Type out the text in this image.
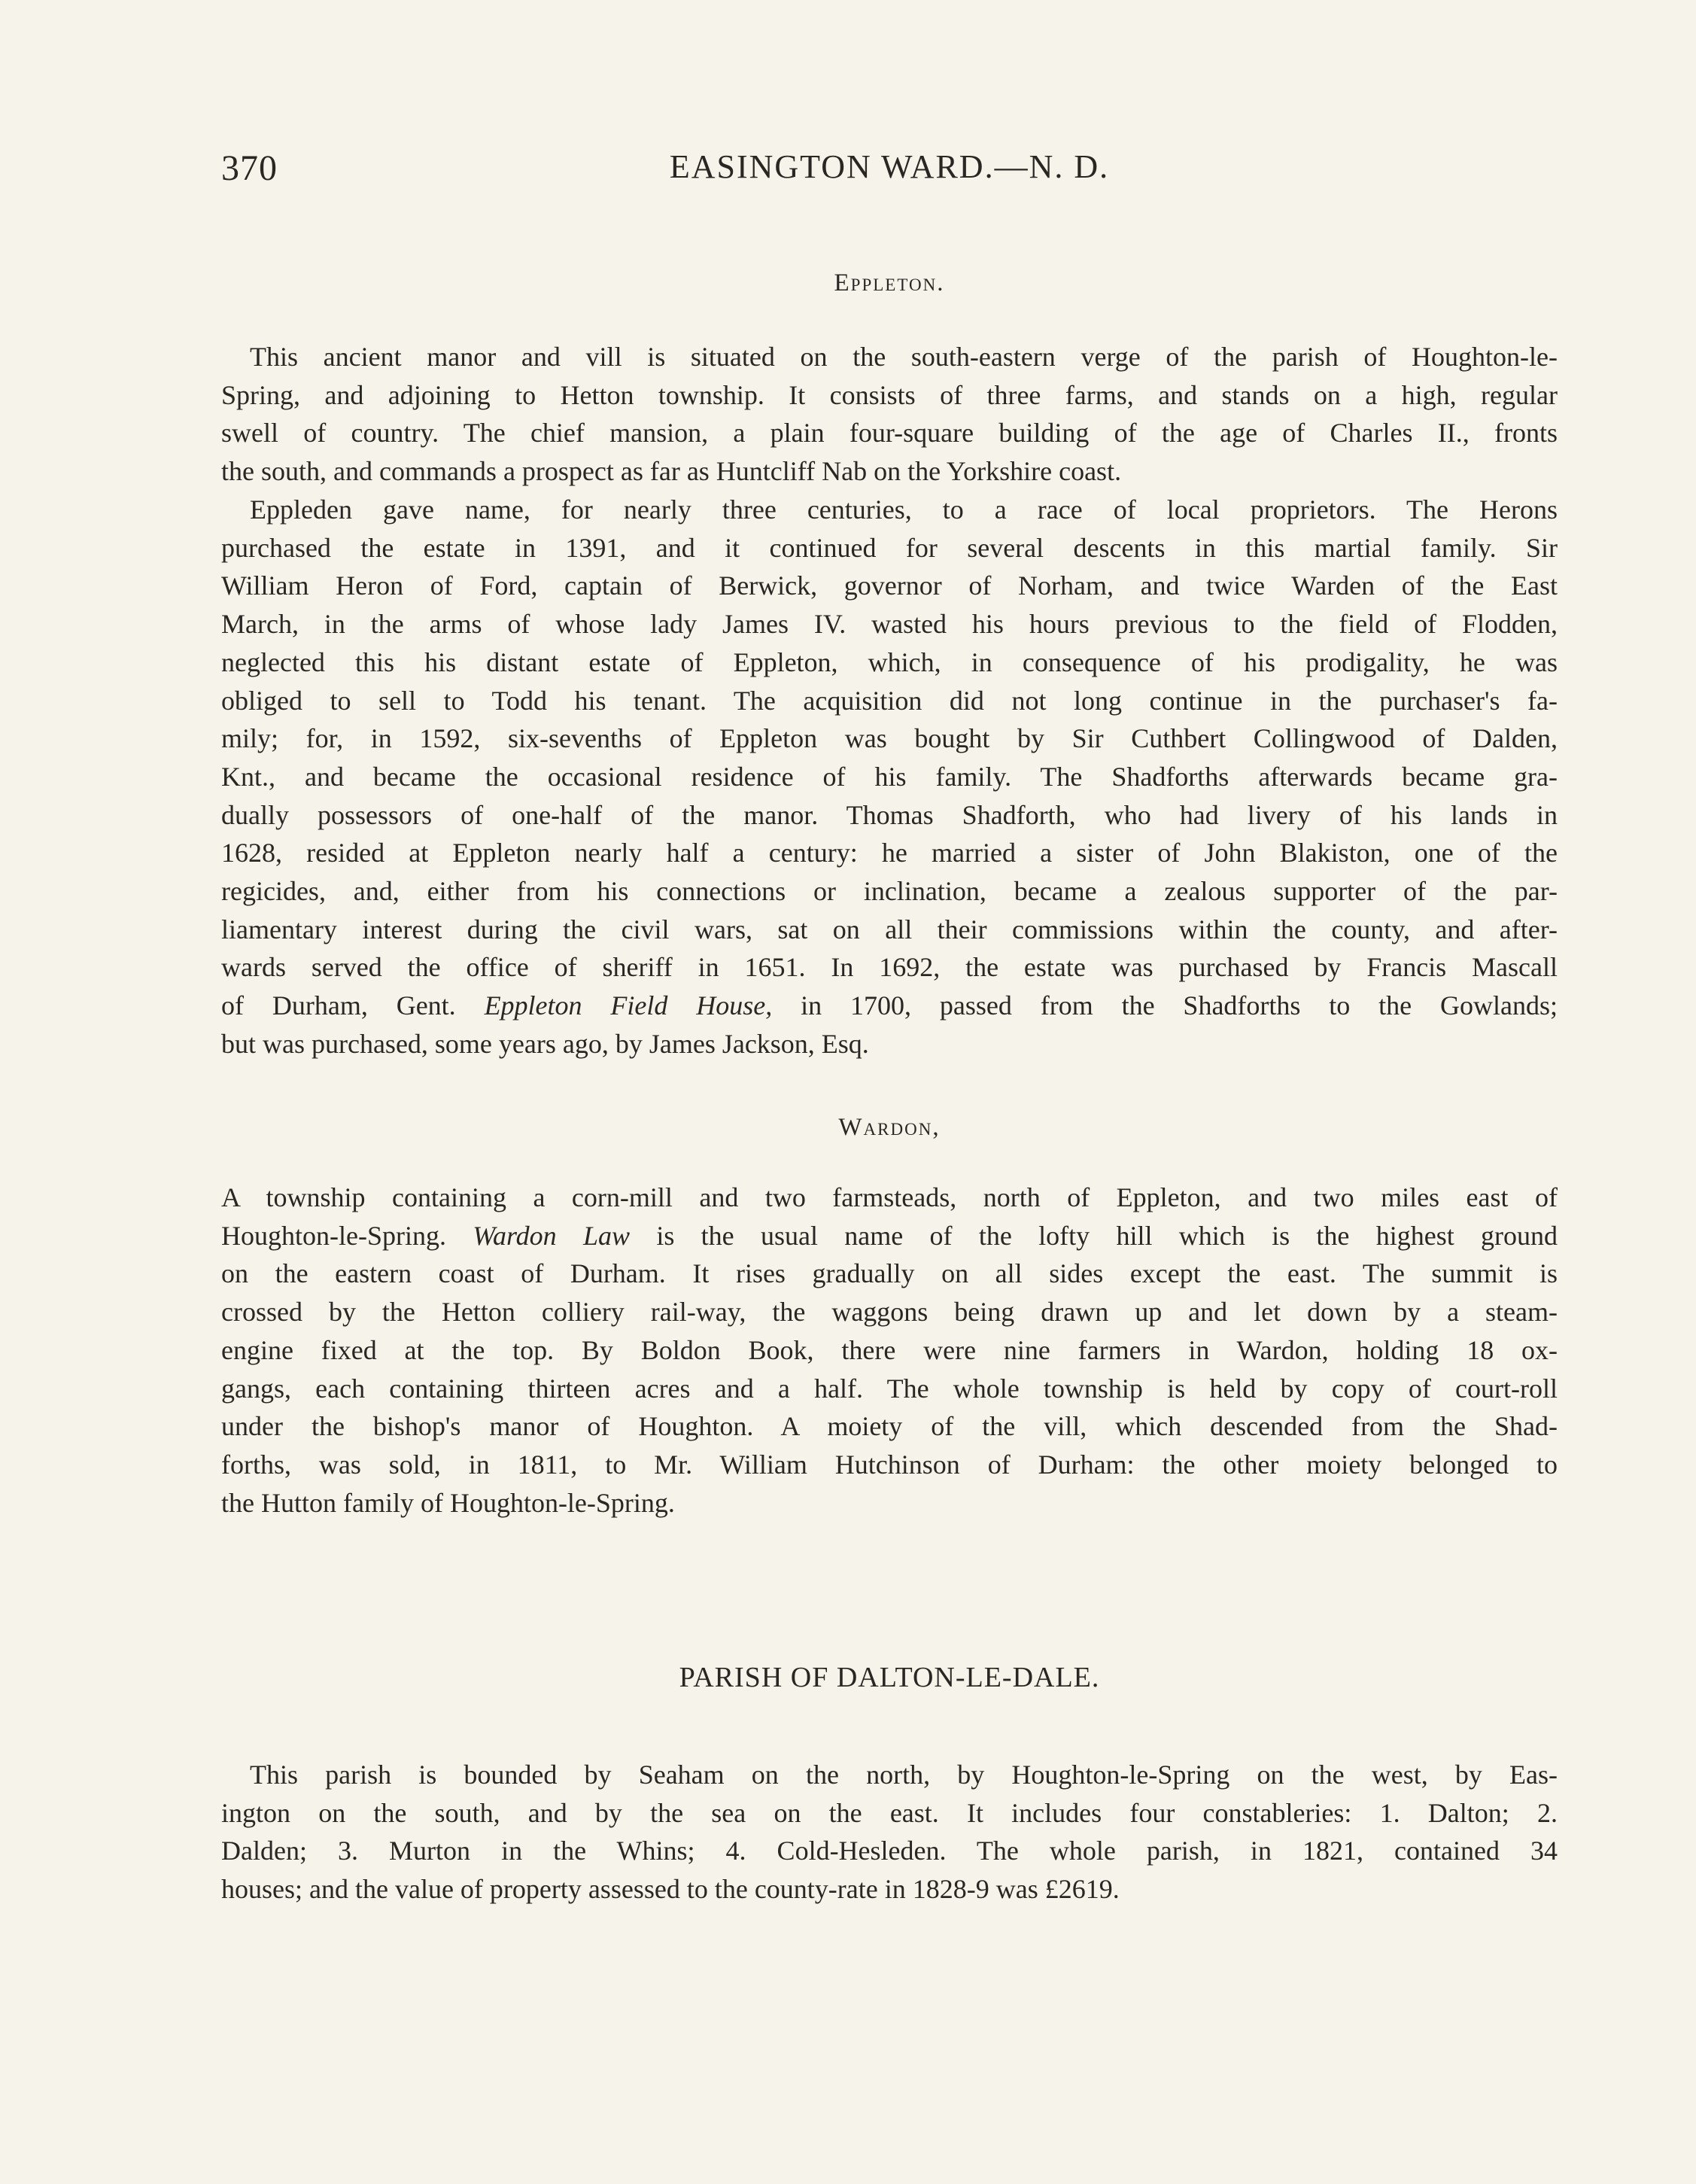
370	EASINGTON WARD.—N. D.
Eppleton.
This ancient manor and vill is situated on the south-eastern verge of the parish of Houghton-le-
Spring, and adjoining to Hetton township. It consists of three farms, and stands on a high, regular
swell of country. The chief mansion, a plain four-square building of the age of Charles II., fronts
the south, and commands a prospect as far as Huntcliff Nab on the Yorkshire coast.
Eppleden gave name, for nearly three centuries, to a race of local proprietors. The Herons
purchased the estate in 1391, and it continued for several descents in this martial family. Sir
William Heron of Ford, captain of Berwick, governor of Norham, and twice Warden of the East
March, in the arms of whose lady James IV. wasted his hours previous to the field of Flodden,
neglected this his distant estate of Eppleton, which, in consequence of his prodigality, he was
obliged to sell to Todd his tenant. The acquisition did not long continue in the purchaser's fa-
mily; for, in 1592, six-sevenths of Eppleton was bought by Sir Cuthbert Collingwood of Dalden,
Knt., and became the occasional residence of his family. The Shadforths afterwards became gra-
dually possessors of one-half of the manor. Thomas Shadforth, who had livery of his lands in
1628, resided at Eppleton nearly half a century: he married a sister of John Blakiston, one of the
regicides, and, either from his connections or inclination, became a zealous supporter of the par-
liamentary interest during the civil wars, sat on all their commissions within the county, and after-
wards served the office of sheriff in 1651. In 1692, the estate was purchased by Francis Mascall
of Durham, Gent. Eppleton Field House, in 1700, passed from the Shadforths to the Gowlands;
but was purchased, some years ago, by James Jackson, Esq.
Wardon,
A township containing a corn-mill and two farmsteads, north of Eppleton, and two miles east of
Houghton-le-Spring. Wardon Law is the usual name of the lofty hill which is the highest ground
on the eastern coast of Durham. It rises gradually on all sides except the east. The summit is
crossed by the Hetton colliery rail-way, the waggons being drawn up and let down by a steam-
engine fixed at the top. By Boldon Book, there were nine farmers in Wardon, holding 18 ox-
gangs, each containing thirteen acres and a half. The whole township is held by copy of court-roll
under the bishop's manor of Houghton. A moiety of the vill, which descended from the Shad-
forths, was sold, in 1811, to Mr. William Hutchinson of Durham: the other moiety belonged to
the Hutton family of Houghton-le-Spring.
PARISH OF DALTON-LE-DALE.
This parish is bounded by Seaham on the north, by Houghton-le-Spring on the west, by Eas-
ington on the south, and by the sea on the east. It includes four constableries: 1. Dalton; 2.
Dalden; 3. Murton in the Whins; 4. Cold-Hesleden. The whole parish, in 1821, contained 34
houses; and the value of property assessed to the county-rate in 1828-9 was £2619.
